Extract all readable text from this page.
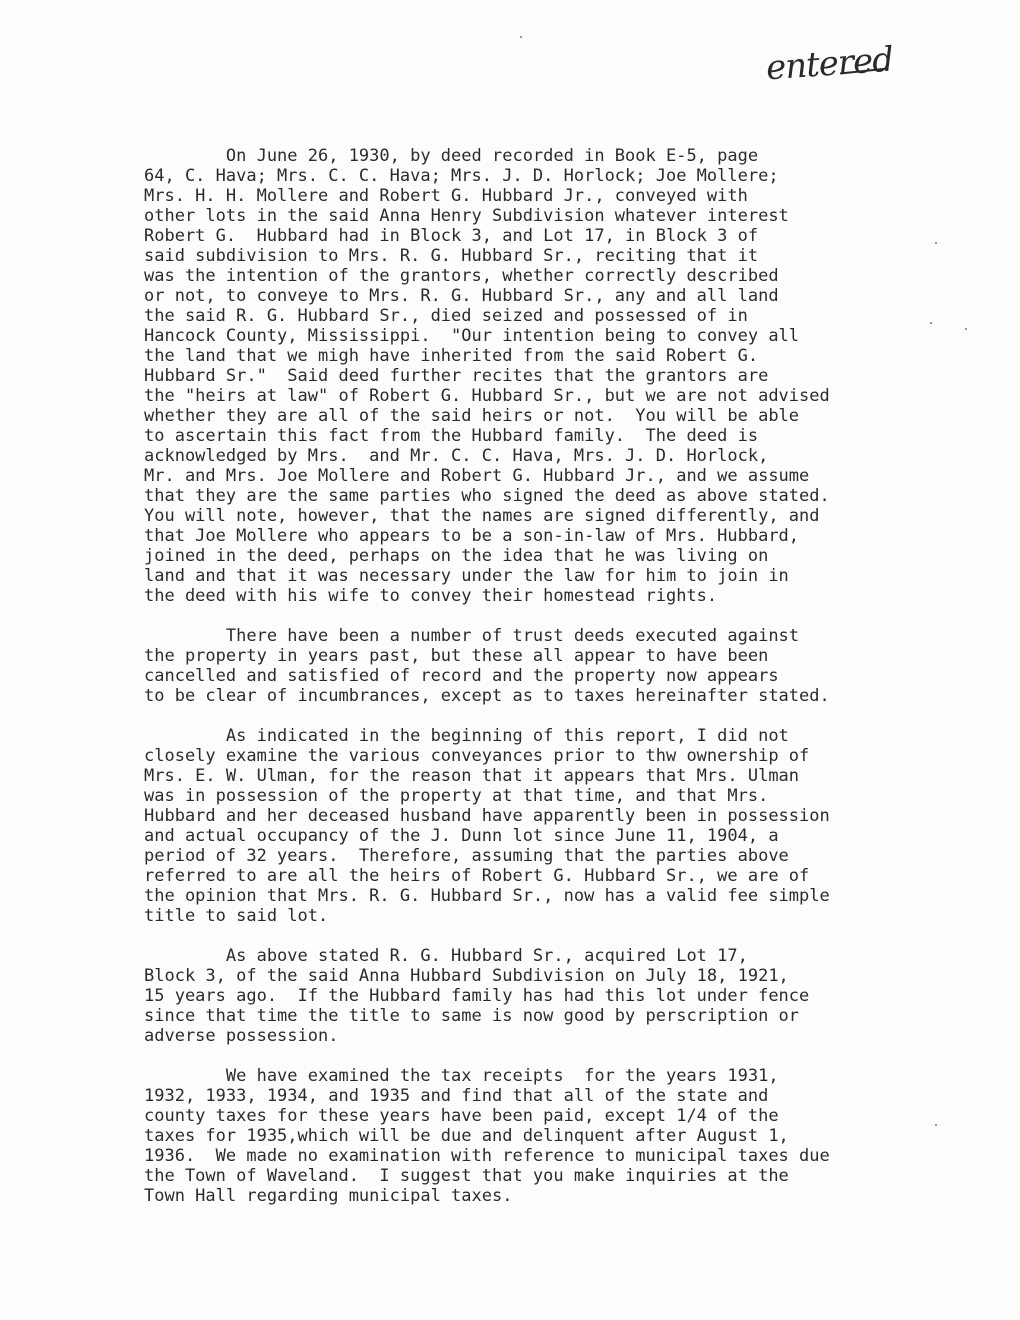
entered
On June 26, 1930, by deed recorded in Book E-5, page
64, C. Hava; Mrs. C. C. Hava; Mrs. J. D. Horlock; Joe Mollere;
Mrs. H. H. Mollere and Robert G. Hubbard Jr., conveyed with
other lots in the said Anna Henry Subdivision whatever interest
Robert G.  Hubbard had in Block 3, and Lot 17, in Block 3 of
said subdivision to Mrs. R. G. Hubbard Sr., reciting that it
was the intention of the grantors, whether correctly described
or not, to conveye to Mrs. R. G. Hubbard Sr., any and all land
the said R. G. Hubbard Sr., died seized and possessed of in
Hancock County, Mississippi.  "Our intention being to convey all
the land that we migh have inherited from the said Robert G.
Hubbard Sr."  Said deed further recites that the grantors are
the "heirs at law" of Robert G. Hubbard Sr., but we are not advised
whether they are all of the said heirs or not.  You will be able
to ascertain this fact from the Hubbard family.  The deed is
acknowledged by Mrs.  and Mr. C. C. Hava, Mrs. J. D. Horlock,
Mr. and Mrs. Joe Mollere and Robert G. Hubbard Jr., and we assume
that they are the same parties who signed the deed as above stated.
You will note, however, that the names are signed differently, and
that Joe Mollere who appears to be a son-in-law of Mrs. Hubbard,
joined in the deed, perhaps on the idea that he was living on
land and that it was necessary under the law for him to join in
the deed with his wife to convey their homestead rights.
There have been a number of trust deeds executed against
the property in years past, but these all appear to have been
cancelled and satisfied of record and the property now appears
to be clear of incumbrances, except as to taxes hereinafter stated.
As indicated in the beginning of this report, I did not
closely examine the various conveyances prior to thw ownership of
Mrs. E. W. Ulman, for the reason that it appears that Mrs. Ulman
was in possession of the property at that time, and that Mrs.
Hubbard and her deceased husband have apparently been in possession
and actual occupancy of the J. Dunn lot since June 11, 1904, a
period of 32 years.  Therefore, assuming that the parties above
referred to are all the heirs of Robert G. Hubbard Sr., we are of
the opinion that Mrs. R. G. Hubbard Sr., now has a valid fee simple
title to said lot.
As above stated R. G. Hubbard Sr., acquired Lot 17,
Block 3, of the said Anna Hubbard Subdivision on July 18, 1921,
15 years ago.  If the Hubbard family has had this lot under fence
since that time the title to same is now good by perscription or
adverse possession.
We have examined the tax receipts  for the years 1931,
1932, 1933, 1934, and 1935 and find that all of the state and
county taxes for these years have been paid, except 1/4 of the
taxes for 1935,which will be due and delinquent after August 1,
1936.  We made no examination with reference to municipal taxes due
the Town of Waveland.  I suggest that you make inquiries at the
Town Hall regarding municipal taxes.
